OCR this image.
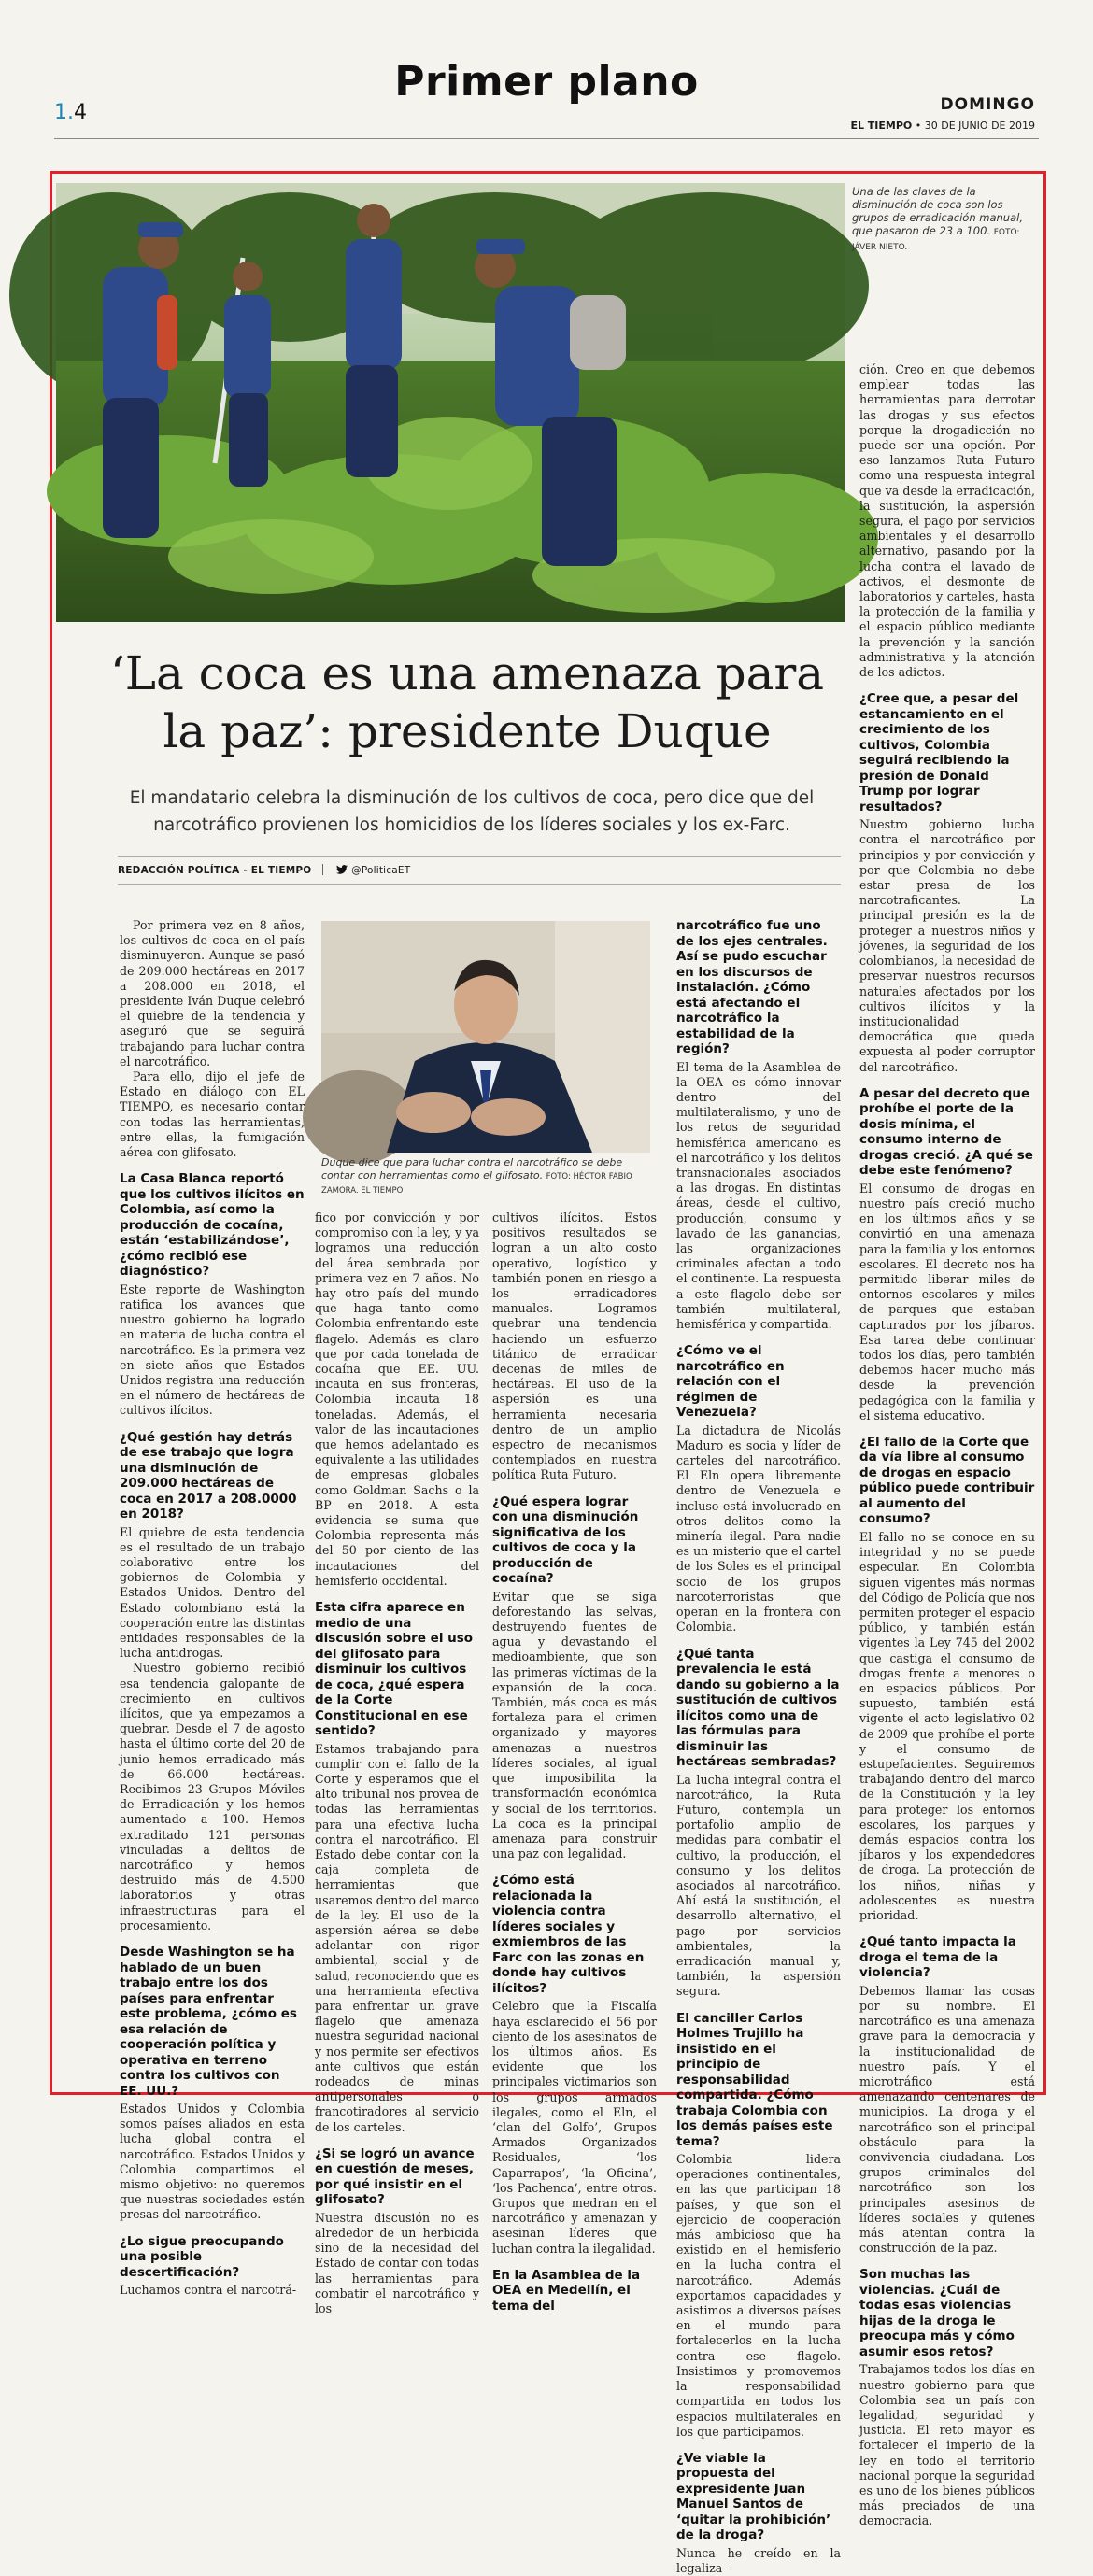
Primer plano
1.4	DOMINGO
EL TIEMPO • 30 DE JUNIO DE 2019
Una de las claves de la disminución de coca son los grupos de erradicación manual, que pasaron de 23 a 100. FOTO: JÁVER NIETO.
‘La coca es una amenaza para
la paz’: presidente Duque
El mandatario celebra la disminución de los cultivos de coca, pero dice que del narcotráfico provienen los homicidios de los líderes sociales y los ex-Farc.
REDACCIÓN POLÍTICA - EL TIEMPO	@PoliticaET
Duque dice que para luchar contra el narcotráfico se debe contar con herramientas como el glifosato. FOTO: HÉCTOR FABIO ZAMORA. EL TIEMPO

Por primera vez en 8 años, los cultivos de coca en el país disminuyeron. Aunque se pasó de 209.000 hectáreas en 2017 a 208.000 en 2018, el presidente Iván Duque celebró el quiebre de la tendencia y aseguró que se seguirá trabajando para luchar contra el narcotráfico.

Para ello, dijo el jefe de Estado en diálogo con EL TIEMPO, es necesario contar con todas las herramientas, entre ellas, la fumigación aérea con glifosato.

La Casa Blanca reportó que los cultivos ilícitos en Colombia, así como la producción de cocaína, están ‘estabilizándose’, ¿cómo recibió ese diagnóstico?

Este reporte de Washington ratifica los avances que nuestro gobierno ha logrado en materia de lucha contra el narcotráfico. Es la primera vez en siete años que Estados Unidos registra una reducción en el número de hectáreas de cultivos ilícitos.

¿Qué gestión hay detrás de ese trabajo que logra una disminución de 209.000 hectáreas de coca en 2017 a 208.0000 en 2018?

El quiebre de esta tendencia es el resultado de un trabajo colaborativo entre los gobiernos de Colombia y Estados Unidos. Dentro del Estado colombiano está la cooperación entre las distintas entidades responsables de la lucha antidrogas.

Nuestro gobierno recibió esa tendencia galopante de crecimiento en cultivos ilícitos, que ya empezamos a quebrar. Desde el 7 de agosto hasta el último corte del 20 de junio hemos erradicado más de 66.000 hectáreas. Recibimos 23 Grupos Móviles de Erradicación y los hemos aumentado a 100. Hemos extraditado 121 personas vinculadas a delitos de narcotráfico y hemos destruido más de 4.500 laboratorios y otras infraestructuras para el procesamiento.

Desde Washington se ha hablado de un buen trabajo entre los dos países para enfrentar este problema, ¿cómo es esa relación de cooperación política y operativa en terreno contra los cultivos con EE. UU.?

Estados Unidos y Colombia somos países aliados en esta lucha global contra el narcotráfico. Estados Unidos y Colombia compartimos el mismo objetivo: no queremos que nuestras sociedades estén presas del narcotráfico.

¿Lo sigue preocupando una posible descertificación?

Luchamos contra el narcotrá-

fico por convicción y por compromiso con la ley, y ya logramos una reducción del área sembrada por primera vez en 7 años. No hay otro país del mundo que haga tanto como Colombia enfrentando este flagelo. Además es claro que por cada tonelada de cocaína que EE. UU. incauta en sus fronteras, Colombia incauta 18 toneladas. Además, el valor de las incautaciones que hemos adelantado es equivalente a las utilidades de empresas globales como Goldman Sachs o la BP en 2018. A esta evidencia se suma que Colombia representa más del 50 por ciento de las incautaciones del hemisferio occidental.

Esta cifra aparece en medio de una discusión sobre el uso del glifosato para disminuir los cultivos de coca, ¿qué espera de la Corte Constitucional en ese sentido?

Estamos trabajando para cumplir con el fallo de la Corte y esperamos que el alto tribunal nos provea de todas las herramientas para una efectiva lucha contra el narcotráfico. El Estado debe contar con la caja completa de herramientas que usaremos dentro del marco de la ley. El uso de la aspersión aérea se debe adelantar con rigor ambiental, social y de salud, reconociendo que es una herramienta efectiva para enfrentar un grave flagelo que amenaza nuestra seguridad nacional y nos permite ser efectivos ante cultivos que están rodeados de minas antipersonales o francotiradores al servicio de los carteles.

¿Si se logró un avance en cuestión de meses, por qué insistir en el glifosato?

Nuestra discusión no es alrededor de un herbicida sino de la necesidad del Estado de contar con todas las herramientas para combatir el narcotráfico y los

cultivos ilícitos. Estos positivos resultados se logran a un alto costo operativo, logístico y también ponen en riesgo a los erradicadores manuales. Logramos quebrar una tendencia haciendo un esfuerzo titánico de erradicar decenas de miles de hectáreas. El uso de la aspersión es una herramienta necesaria dentro de un amplio espectro de mecanismos contemplados en nuestra política Ruta Futuro.

¿Qué espera lograr con una disminución significativa de los cultivos de coca y la producción de cocaína?

Evitar que se siga deforestando las selvas, destruyendo fuentes de agua y devastando el medioambiente, que son las primeras víctimas de la expansión de la coca. También, más coca es más fortaleza para el crimen organizado y mayores amenazas a nuestros líderes sociales, al igual que imposibilita la transformación económica y social de los territorios. La coca es la principal amenaza para construir una paz con legalidad.

¿Cómo está relacionada la violencia contra líderes sociales y exmiembros de las Farc con las zonas en donde hay cultivos ilícitos?

Celebro que la Fiscalía haya esclarecido el 56 por ciento de los asesinatos de los últimos años. Es evidente que los principales victimarios son los grupos armados ilegales, como el Eln, el ‘clan del Golfo’, Grupos Armados Organizados Residuales, ‘los Caparrapos’, ‘la Oficina’, ‘los Pachenca’, entre otros. Grupos que medran en el narcotráfico y amenazan y asesinan líderes que luchan contra la ilegalidad.

En la Asamblea de la OEA en Medellín, el tema del

narcotráfico fue uno de los ejes centrales. Así se pudo escuchar en los discursos de instalación. ¿Cómo está afectando el narcotráfico la estabilidad de la región?

El tema de la Asamblea de la OEA es cómo innovar dentro del multilateralismo, y uno de los retos de seguridad hemisférica americano es el narcotráfico y los delitos transnacionales asociados a las drogas. En distintas áreas, desde el cultivo, producción, consumo y lavado de las ganancias, las organizaciones criminales afectan a todo el continente. La respuesta a este flagelo debe ser también multilateral, hemisférica y compartida.

¿Cómo ve el narcotráfico en relación con el régimen de Venezuela?

La dictadura de Nicolás Maduro es socia y líder de carteles del narcotráfico. El Eln opera libremente dentro de Venezuela e incluso está involucrado en otros delitos como la minería ilegal. Para nadie es un misterio que el cartel de los Soles es el principal socio de los grupos narcoterroristas que operan en la frontera con Colombia.

¿Qué tanta prevalencia le está dando su gobierno a la sustitución de cultivos ilícitos como una de las fórmulas para disminuir las hectáreas sembradas?

La lucha integral contra el narcotráfico, la Ruta Futuro, contempla un portafolio amplio de medidas para combatir el cultivo, la producción, el consumo y los delitos asociados al narcotráfico. Ahí está la sustitución, el desarrollo alternativo, el pago por servicios ambientales, la erradicación manual y, también, la aspersión segura.

El canciller Carlos Holmes Trujillo ha insistido en el principio de responsabilidad compartida. ¿Cómo trabaja Colombia con los demás países este tema?

Colombia lidera operaciones continentales, en las que participan 18 países, y que son el ejercicio de cooperación más ambicioso que ha existido en el hemisferio en la lucha contra el narcotráfico. Además exportamos capacidades y asistimos a diversos países en el mundo para fortalecerlos en la lucha contra ese flagelo. Insistimos y promovemos la responsabilidad compartida en todos los espacios multilaterales en los que participamos.

¿Ve viable la propuesta del expresidente Juan Manuel Santos de ‘quitar la prohibición’ de la droga?

Nunca he creído en la legaliza-

ción. Creo en que debemos emplear todas las herramientas para derrotar las drogas y sus efectos porque la drogadicción no puede ser una opción. Por eso lanzamos Ruta Futuro como una respuesta integral que va desde la erradicación, la sustitución, la aspersión segura, el pago por servicios ambientales y el desarrollo alternativo, pasando por la lucha contra el lavado de activos, el desmonte de laboratorios y carteles, hasta la protección de la familia y el espacio público mediante la prevención y la sanción administrativa y la atención de los adictos.

¿Cree que, a pesar del estancamiento en el crecimiento de los cultivos, Colombia seguirá recibiendo la presión de Donald Trump por lograr resultados?

Nuestro gobierno lucha contra el narcotráfico por principios y por convicción y por que Colombia no debe estar presa de los narcotraficantes. La principal presión es la de proteger a nuestros niños y jóvenes, la seguridad de los colombianos, la necesidad de preservar nuestros recursos naturales afectados por los cultivos ilícitos y la institucionalidad democrática que queda expuesta al poder corruptor del narcotráfico.

A pesar del decreto que prohíbe el porte de la dosis mínima, el consumo interno de drogas creció. ¿A qué se debe este fenómeno?

El consumo de drogas en nuestro país creció mucho en los últimos años y se convirtió en una amenaza para la familia y los entornos escolares. El decreto nos ha permitido liberar miles de entornos escolares y miles de parques que estaban capturados por los jíbaros. Esa tarea debe continuar todos los días, pero también debemos hacer mucho más desde la prevención pedagógica con la familia y el sistema educativo.

¿El fallo de la Corte que da vía libre al consumo de drogas en espacio público puede contribuir al aumento del consumo?

El fallo no se conoce en su integridad y no se puede especular. En Colombia siguen vigentes más normas del Código de Policía que nos permiten proteger el espacio público, y también están vigentes la Ley 745 del 2002 que castiga el consumo de drogas frente a menores o en espacios públicos. Por supuesto, también está vigente el acto legislativo 02 de 2009 que prohíbe el porte y el consumo de estupefacientes. Seguiremos trabajando dentro del marco de la Constitución y la ley para proteger los entornos escolares, los parques y demás espacios contra los jíbaros y los expendedores de droga. La protección de los niños, niñas y adolescentes es nuestra prioridad.

¿Qué tanto impacta la droga el tema de la violencia?

Debemos llamar las cosas por su nombre. El narcotráfico es una amenaza grave para la democracia y la institucionalidad de nuestro país. Y el microtráfico está amenazando centenares de municipios. La droga y el narcotráfico son el principal obstáculo para la convivencia ciudadana. Los grupos criminales del narcotráfico son los principales asesinos de líderes sociales y quienes más atentan contra la construcción de la paz.

Son muchas las violencias. ¿Cuál de todas esas violencias hijas de la droga le preocupa más y cómo asumir esos retos?

Trabajamos todos los días en nuestro gobierno para que Colombia sea un país con legalidad, seguridad y justicia. El reto mayor es fortalecer el imperio de la ley en todo el territorio nacional porque la seguridad es uno de los bienes públicos más preciados de una democracia.
